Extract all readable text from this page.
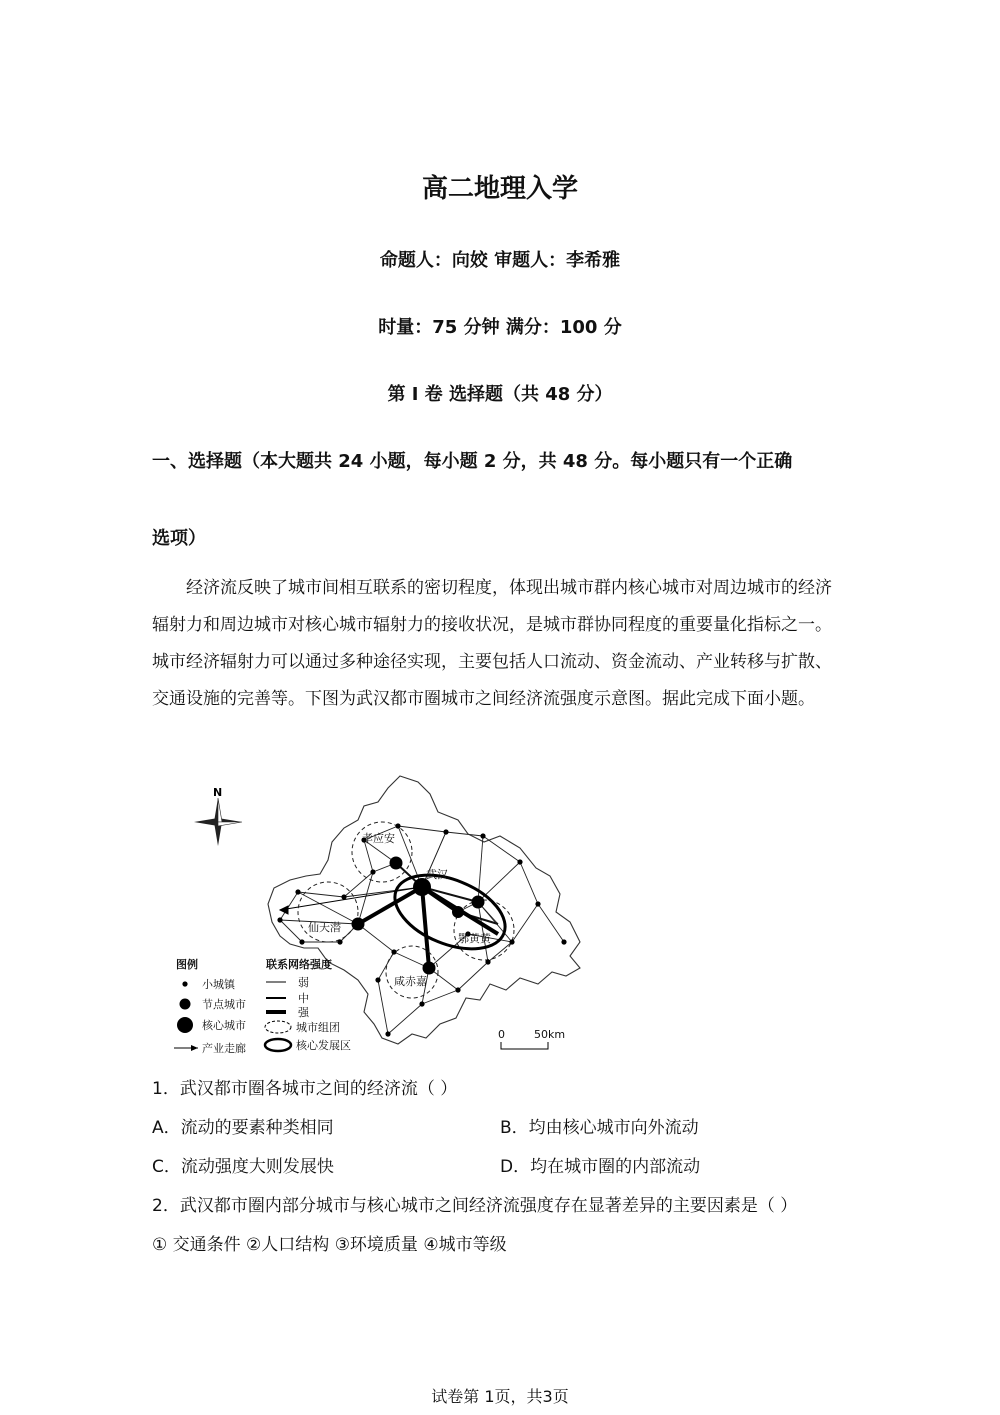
高二地理入学
命题人：向姣 审题人：李希雅
时量：75 分钟 满分：100 分
第 I 卷 选择题（共 48 分）
一、选择题（本大题共 24 小题，每小题 2 分，共 48 分。每小题只有一个正确
选项）
经济流反映了城市间相互联系的密切程度，体现出城市群内核心城市对周边城市的经济辐射力和周边城市对核心城市辐射力的接收状况，是城市群协同程度的重要量化指标之一。城市经济辐射力可以通过多种途径实现，主要包括人口流动、资金流动、产业转移与扩散、交通设施的完善等。下图为武汉都市圈城市之间经济流强度示意图。据此完成下面小题。
N
孝应安
武汉
仙天潜
鄂黄黄
咸赤嘉
图例
小城镇
节点城市
核心城市
产业走廊
联系网络强度
弱
中
强
城市组团
核心发展区
0	50km
1．武汉都市圈各城市之间的经济流（ ）
A．流动的要素种类相同	B．均由核心城市向外流动
C．流动强度大则发展快	D．均在城市圈的内部流动
2．武汉都市圈内部分城市与核心城市之间经济流强度存在显著差异的主要因素是（ ）
① 交通条件 ②人口结构 ③环境质量 ④城市等级
试卷第 1页，共3页
